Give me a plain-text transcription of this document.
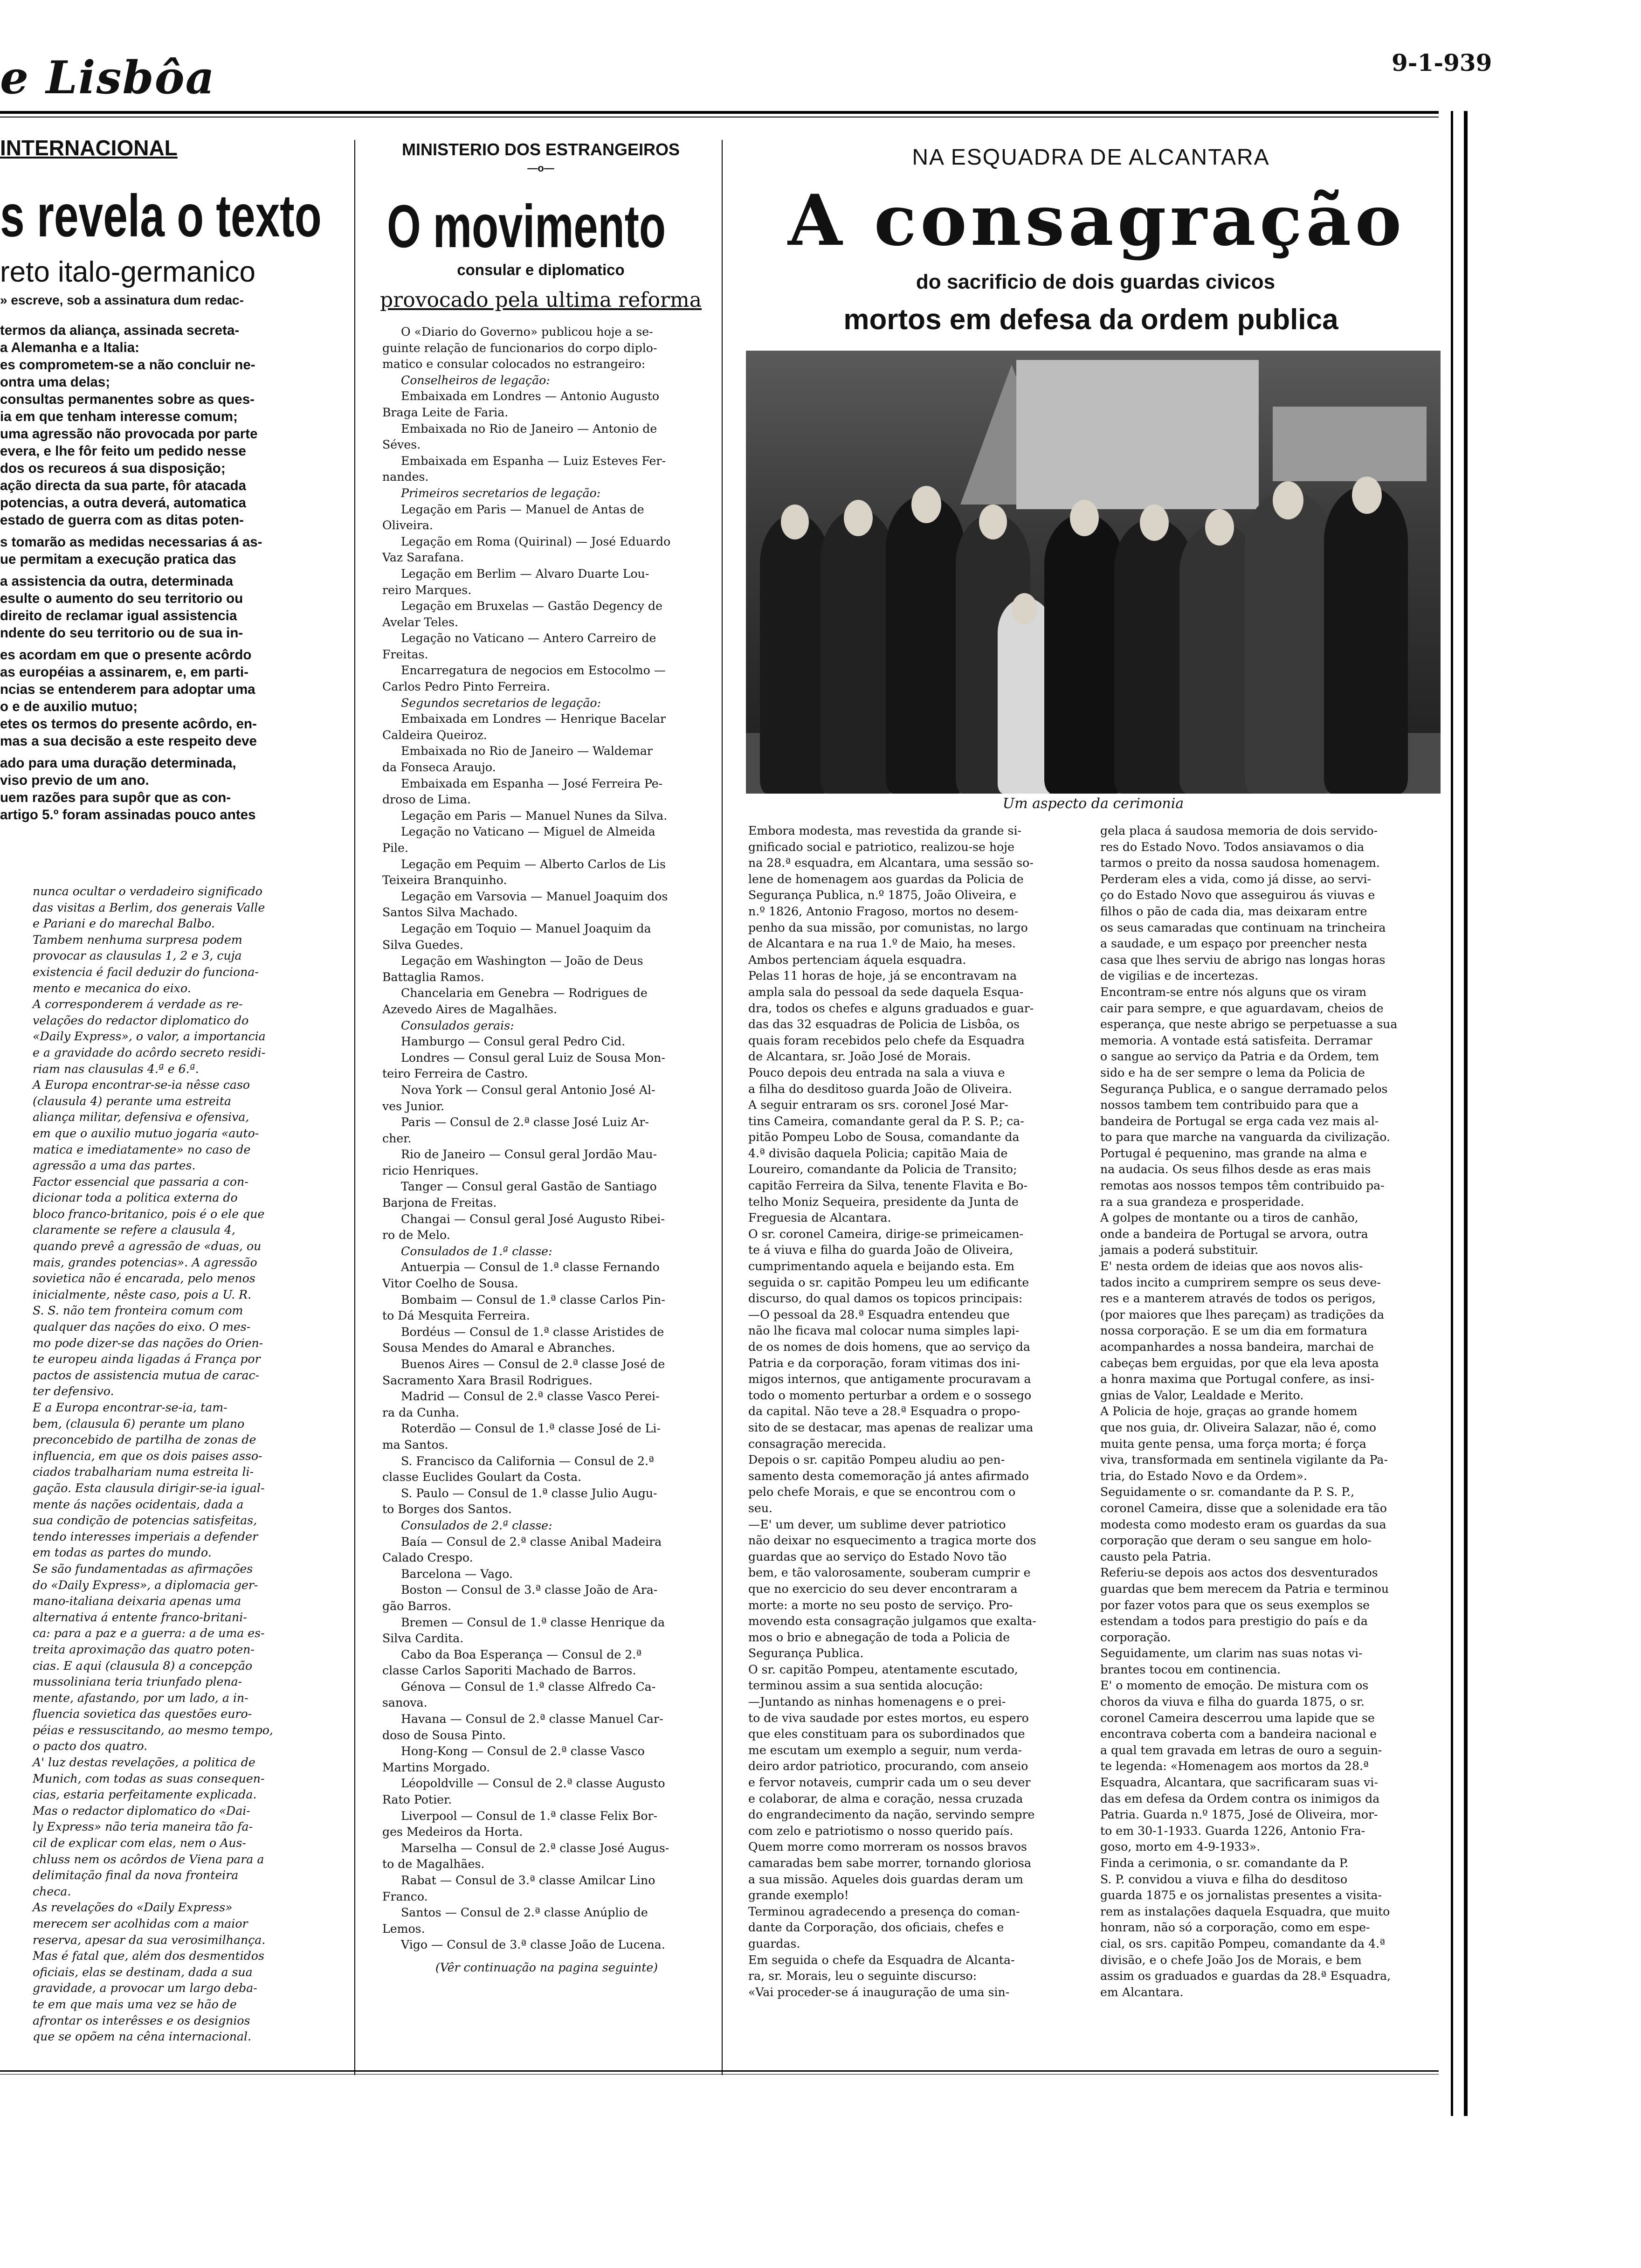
e Lisbôa	9-1-939
INTERNACIONAL
s revela o texto
reto italo-germanico
» escreve, sob a assinatura dum redac-
termos da aliança, assinada secreta-
a Alemanha e a Italia:
es comprometem-se a não concluir ne-
ontra uma delas;
consultas permanentes sobre as ques-
ia em que tenham interesse comum;
uma agressão não provocada por parte
evera, e lhe fôr feito um pedido nesse
dos os recureos á sua disposição;
ação directa da sua parte, fôr atacada
potencias, a outra deverá, automatica
estado de guerra com as ditas poten-

s tomarão as medidas necessarias á as-
ue permitam a execução pratica das

a assistencia da outra, determinada
esulte o aumento do seu territorio ou
direito de reclamar igual assistencia
ndente do seu territorio ou de sua in-

es acordam em que o presente acôrdo
as européias a assinarem, e, em parti-
ncias se entenderem para adoptar uma
o e de auxilio mutuo;
etes os termos do presente acôrdo, en-
mas a sua decisão a este respeito deve

ado para uma duração determinada,
viso previo de um ano.
uem razões para supôr que as con-
artigo 5.º foram assinadas pouco antes
nunca ocultar o verdadeiro significado
das visitas a Berlim, dos generais Valle
e Pariani e do marechal Balbo.
Tambem nenhuma surpresa podem
provocar as clausulas 1, 2 e 3, cuja
existencia é facil deduzir do funciona-
mento e mecanica do eixo.
A corresponderem á verdade as re-
velações do redactor diplomatico do
«Daily Express», o valor, a importancia
e a gravidade do acôrdo secreto residi-
riam nas clausulas 4.ª e 6.ª.
A Europa encontrar-se-ia nêsse caso
(clausula 4) perante uma estreita
aliança militar, defensiva e ofensiva,
em que o auxilio mutuo jogaria «auto-
matica e imediatamente» no caso de
agressão a uma das partes.
Factor essencial que passaria a con-
dicionar toda a politica externa do
bloco franco-britanico, pois é o ele que
claramente se refere a clausula 4,
quando prevê a agressão de «duas, ou
mais, grandes potencias». A agressão
sovietica não é encarada, pelo menos
inicialmente, nêste caso, pois a U. R.
S. S. não tem fronteira comum com
qualquer das nações do eixo. O mes-
mo pode dizer-se das nações do Orien-
te europeu ainda ligadas á França por
pactos de assistencia mutua de carac-
ter defensivo.
E a Europa encontrar-se-ia, tam-
bem, (clausula 6) perante um plano
preconcebido de partilha de zonas de
influencia, em que os dois paises asso-
ciados trabalhariam numa estreita li-
gação. Esta clausula dirigir-se-ia igual-
mente ás nações ocidentais, dada a
sua condição de potencias satisfeitas,
tendo interesses imperiais a defender
em todas as partes do mundo.
Se são fundamentadas as afirmações
do «Daily Express», a diplomacia ger-
mano-italiana deixaria apenas uma
alternativa á entente franco-britani-
ca: para a paz e a guerra: a de uma es-
treita aproximação das quatro poten-
cias. E aqui (clausula 8) a concepção
mussoliniana teria triunfado plena-
mente, afastando, por um lado, a in-
fluencia sovietica das questões euro-
péias e ressuscitando, ao mesmo tempo,
o pacto dos quatro.
A' luz destas revelações, a politica de
Munich, com todas as suas consequen-
cias, estaria perfeitamente explicada.
Mas o redactor diplomatico do «Dai-
ly Express» não teria maneira tão fa-
cil de explicar com elas, nem o Aus-
chluss nem os acôrdos de Viena para a
delimitação final da nova fronteira
checa.
As revelações do «Daily Express»
merecem ser acolhidas com a maior
reserva, apesar da sua verosimilhança.
Mas é fatal que, além dos desmentidos
oficiais, elas se destinam, dada a sua
gravidade, a provocar um largo deba-
te em que mais uma vez se hão de
afrontar os interêsses e os designios
que se opõem na cêna internacional.
MINISTERIO DOS ESTRANGEIROS
—o—
O movimento
consular e diplomatico
provocado pela ultima reforma
O «Diario do Governo» publicou hoje a se-
guinte relação de funcionarios do corpo diplo-
matico e consular colocados no estrangeiro:
Conselheiros de legação:
Embaixada em Londres — Antonio Augusto
Braga Leite de Faria.
Embaixada no Rio de Janeiro — Antonio de
Séves.
Embaixada em Espanha — Luiz Esteves Fer-
nandes.
Primeiros secretarios de legação:
Legação em Paris — Manuel de Antas de
Oliveira.
Legação em Roma (Quirinal) — José Eduardo
Vaz Sarafana.
Legação em Berlim — Alvaro Duarte Lou-
reiro Marques.
Legação em Bruxelas — Gastão Degency de
Avelar Teles.
Legação no Vaticano — Antero Carreiro de
Freitas.
Encarregatura de negocios em Estocolmo —
Carlos Pedro Pinto Ferreira.
Segundos secretarios de legação:
Embaixada em Londres — Henrique Bacelar
Caldeira Queiroz.
Embaixada no Rio de Janeiro — Waldemar
da Fonseca Araujo.
Embaixada em Espanha — José Ferreira Pe-
droso de Lima.
Legação em Paris — Manuel Nunes da Silva.
Legação no Vaticano — Miguel de Almeida
Pile.
Legação em Pequim — Alberto Carlos de Lis
Teixeira Branquinho.
Legação em Varsovia — Manuel Joaquim dos
Santos Silva Machado.
Legação em Toquio — Manuel Joaquim da
Silva Guedes.
Legação em Washington — João de Deus
Battaglia Ramos.
Chancelaria em Genebra — Rodrigues de
Azevedo Aires de Magalhães.
Consulados gerais:
Hamburgo — Consul geral Pedro Cid.
Londres — Consul geral Luiz de Sousa Mon-
teiro Ferreira de Castro.
Nova York — Consul geral Antonio José Al-
ves Junior.
Paris — Consul de 2.ª classe José Luiz Ar-
cher.
Rio de Janeiro — Consul geral Jordão Mau-
ricio Henriques.
Tanger — Consul geral Gastão de Santiago
Barjona de Freitas.
Changai — Consul geral José Augusto Ribei-
ro de Melo.
Consulados de 1.ª classe:
Antuerpia — Consul de 1.ª classe Fernando
Vitor Coelho de Sousa.
Bombaim — Consul de 1.ª classe Carlos Pin-
to Dá Mesquita Ferreira.
Bordéus — Consul de 1.ª classe Aristides de
Sousa Mendes do Amaral e Abranches.
Buenos Aires — Consul de 2.ª classe José de
Sacramento Xara Brasil Rodrigues.
Madrid — Consul de 2.ª classe Vasco Perei-
ra da Cunha.
Roterdão — Consul de 1.ª classe José de Li-
ma Santos.
S. Francisco da California — Consul de 2.ª
classe Euclides Goulart da Costa.
S. Paulo — Consul de 1.ª classe Julio Augu-
to Borges dos Santos.
Consulados de 2.ª classe:
Baía — Consul de 2.ª classe Anibal Madeira
Calado Crespo.
Barcelona — Vago.
Boston — Consul de 3.ª classe João de Ara-
gão Barros.
Bremen — Consul de 1.ª classe Henrique da
Silva Cardita.
Cabo da Boa Esperança — Consul de 2.ª
classe Carlos Saporiti Machado de Barros.
Génova — Consul de 1.ª classe Alfredo Ca-
sanova.
Havana — Consul de 2.ª classe Manuel Car-
doso de Sousa Pinto.
Hong-Kong — Consul de 2.ª classe Vasco
Martins Morgado.
Léopoldville — Consul de 2.ª classe Augusto
Rato Potier.
Liverpool — Consul de 1.ª classe Felix Bor-
ges Medeiros da Horta.
Marselha — Consul de 2.ª classe José Augus-
to de Magalhães.
Rabat — Consul de 3.ª classe Amilcar Lino
Franco.
Santos — Consul de 2.ª classe Anúplio de
Lemos.
Vigo — Consul de 3.ª classe João de Lucena.
(Vêr continuação na pagina seguinte)
NA ESQUADRA DE ALCANTARA
A consagração
do sacrificio de dois guardas civicos
mortos em defesa da ordem publica
Um aspecto da cerimonia
Embora modesta, mas revestida da grande si-
gnificado social e patriotico, realizou-se hoje
na 28.ª esquadra, em Alcantara, uma sessão so-
lene de homenagem aos guardas da Policia de
Segurança Publica, n.º 1875, João Oliveira, e
n.º 1826, Antonio Fragoso, mortos no desem-
penho da sua missão, por comunistas, no largo
de Alcantara e na rua 1.º de Maio, ha meses.
Ambos pertenciam áquela esquadra.
Pelas 11 horas de hoje, já se encontravam na
ampla sala do pessoal da sede daquela Esqua-
dra, todos os chefes e alguns graduados e guar-
das das 32 esquadras de Policia de Lisbôa, os
quais foram recebidos pelo chefe da Esquadra
de Alcantara, sr. João José de Morais.
Pouco depois deu entrada na sala a viuva e
a filha do desditoso guarda João de Oliveira.
A seguir entraram os srs. coronel José Mar-
tins Cameira, comandante geral da P. S. P.; ca-
pitão Pompeu Lobo de Sousa, comandante da
4.ª divisão daquela Policia; capitão Maia de
Loureiro, comandante da Policia de Transito;
capitão Ferreira da Silva, tenente Flavita e Bo-
telho Moniz Sequeira, presidente da Junta de
Freguesia de Alcantara.
O sr. coronel Cameira, dirige-se primeicamen-
te á viuva e filha do guarda João de Oliveira,
cumprimentando aquela e beijando esta. Em
seguida o sr. capitão Pompeu leu um edificante
discurso, do qual damos os topicos principais:
—O pessoal da 28.ª Esquadra entendeu que
não lhe ficava mal colocar numa simples lapi-
de os nomes de dois homens, que ao serviço da
Patria e da corporação, foram vitimas dos ini-
migos internos, que antigamente procuravam a
todo o momento perturbar a ordem e o sossego
da capital. Não teve a 28.ª Esquadra o propo-
sito de se destacar, mas apenas de realizar uma
consagração merecida.
Depois o sr. capitão Pompeu aludiu ao pen-
samento desta comemoração já antes afirmado
pelo chefe Morais, e que se encontrou com o
seu.
—E' um dever, um sublime dever patriotico
não deixar no esquecimento a tragica morte dos
guardas que ao serviço do Estado Novo tão
bem, e tão valorosamente, souberam cumprir e
que no exercicio do seu dever encontraram a
morte: a morte no seu posto de serviço. Pro-
movendo esta consagração julgamos que exalta-
mos o brio e abnegação de toda a Policia de
Segurança Publica.
O sr. capitão Pompeu, atentamente escutado,
terminou assim a sua sentida alocução:
—Juntando as ninhas homenagens e o prei-
to de viva saudade por estes mortos, eu espero
que eles constituam para os subordinados que
me escutam um exemplo a seguir, num verda-
deiro ardor patriotico, procurando, com anseio
e fervor notaveis, cumprir cada um o seu dever
e colaborar, de alma e coração, nessa cruzada
do engrandecimento da nação, servindo sempre
com zelo e patriotismo o nosso querido país.
Quem morre como morreram os nossos bravos
camaradas bem sabe morrer, tornando gloriosa
a sua missão. Aqueles dois guardas deram um
grande exemplo!
Terminou agradecendo a presença do coman-
dante da Corporação, dos oficiais, chefes e
guardas.
Em seguida o chefe da Esquadra de Alcanta-
ra, sr. Morais, leu o seguinte discurso:
«Vai proceder-se á inauguração de uma sin-
gela placa á saudosa memoria de dois servido-
res do Estado Novo. Todos ansiavamos o dia
tarmos o preito da nossa saudosa homenagem.
Perderam eles a vida, como já disse, ao servi-
ço do Estado Novo que asseguirou ás viuvas e
filhos o pão de cada dia, mas deixaram entre
os seus camaradas que continuam na trincheira
a saudade, e um espaço por preencher nesta
casa que lhes serviu de abrigo nas longas horas
de vigilias e de incertezas.
Encontram-se entre nós alguns que os viram
cair para sempre, e que aguardavam, cheios de
esperança, que neste abrigo se perpetuasse a sua
memoria. A vontade está satisfeita. Derramar
o sangue ao serviço da Patria e da Ordem, tem
sido e ha de ser sempre o lema da Policia de
Segurança Publica, e o sangue derramado pelos
nossos tambem tem contribuido para que a
bandeira de Portugal se erga cada vez mais al-
to para que marche na vanguarda da civilização.
Portugal é pequenino, mas grande na alma e
na audacia. Os seus filhos desde as eras mais
remotas aos nossos tempos têm contribuido pa-
ra a sua grandeza e prosperidade.
A golpes de montante ou a tiros de canhão,
onde a bandeira de Portugal se arvora, outra
jamais a poderá substituir.
E' nesta ordem de ideias que aos novos alis-
tados incito a cumprirem sempre os seus deve-
res e a manterem através de todos os perigos,
(por maiores que lhes pareçam) as tradições da
nossa corporação. E se um dia em formatura
acompanhardes a nossa bandeira, marchai de
cabeças bem erguidas, por que ela leva aposta
a honra maxima que Portugal confere, as insi-
gnias de Valor, Lealdade e Merito.
A Policia de hoje, graças ao grande homem
que nos guia, dr. Oliveira Salazar, não é, como
muita gente pensa, uma força morta; é força
viva, transformada em sentinela vigilante da Pa-
tria, do Estado Novo e da Ordem».
Seguidamente o sr. comandante da P. S. P.,
coronel Cameira, disse que a solenidade era tão
modesta como modesto eram os guardas da sua
corporação que deram o seu sangue em holo-
causto pela Patria.
Referiu-se depois aos actos dos desventurados
guardas que bem merecem da Patria e terminou
por fazer votos para que os seus exemplos se
estendam a todos para prestigio do país e da
corporação.
Seguidamente, um clarim nas suas notas vi-
brantes tocou em continencia.
E' o momento de emoção. De mistura com os
choros da viuva e filha do guarda 1875, o sr.
coronel Cameira descerrou uma lapide que se
encontrava coberta com a bandeira nacional e
a qual tem gravada em letras de ouro a seguin-
te legenda: «Homenagem aos mortos da 28.ª
Esquadra, Alcantara, que sacrificaram suas vi-
das em defesa da Ordem contra os inimigos da
Patria. Guarda n.º 1875, José de Oliveira, mor-
to em 30-1-1933. Guarda 1226, Antonio Fra-
goso, morto em 4-9-1933».
Finda a cerimonia, o sr. comandante da P.
S. P. convidou a viuva e filha do desditoso
guarda 1875 e os jornalistas presentes a visita-
rem as instalações daquela Esquadra, que muito
honram, não só a corporação, como em espe-
cial, os srs. capitão Pompeu, comandante da 4.ª
divisão, e o chefe João Jos de Morais, e bem
assim os graduados e guardas da 28.ª Esquadra,
em Alcantara.
